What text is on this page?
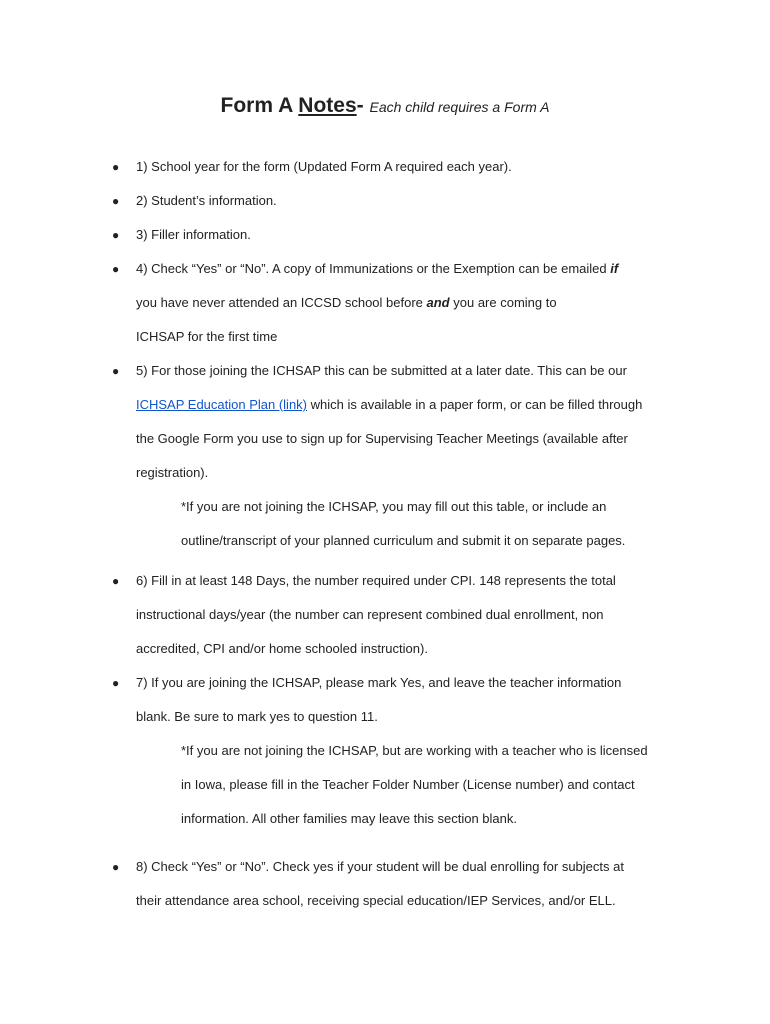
Form A Notes- Each child requires a Form A
● 1) School year for the form (Updated Form A required each year).
● 2) Student’s information.
● 3) Filler information.
● 4) Check “Yes” or “No”. A copy of Immunizations or the Exemption can be emailed if
you have never attended an ICCSD school before and you are coming to
ICHSAP for the first time
● 5) For those joining the ICHSAP this can be submitted at a later date. This can be our
ICHSAP Education Plan (link) which is available in a paper form, or can be filled through
the Google Form you use to sign up for Supervising Teacher Meetings (available after
registration).
*If you are not joining the ICHSAP, you may fill out this table, or include an
outline/transcript of your planned curriculum and submit it on separate pages.
● 6) Fill in at least 148 Days, the number required under CPI. 148 represents the total
instructional days/year (the number can represent combined dual enrollment, non
accredited, CPI and/or home schooled instruction).
● 7) If you are joining the ICHSAP, please mark Yes, and leave the teacher information
blank. Be sure to mark yes to question 11.
*If you are not joining the ICHSAP, but are working with a teacher who is licensed
in Iowa, please fill in the Teacher Folder Number (License number) and contact
information. All other families may leave this section blank.
● 8) Check “Yes” or “No”. Check yes if your student will be dual enrolling for subjects at
their attendance area school, receiving special education/IEP Services, and/or ELL.
